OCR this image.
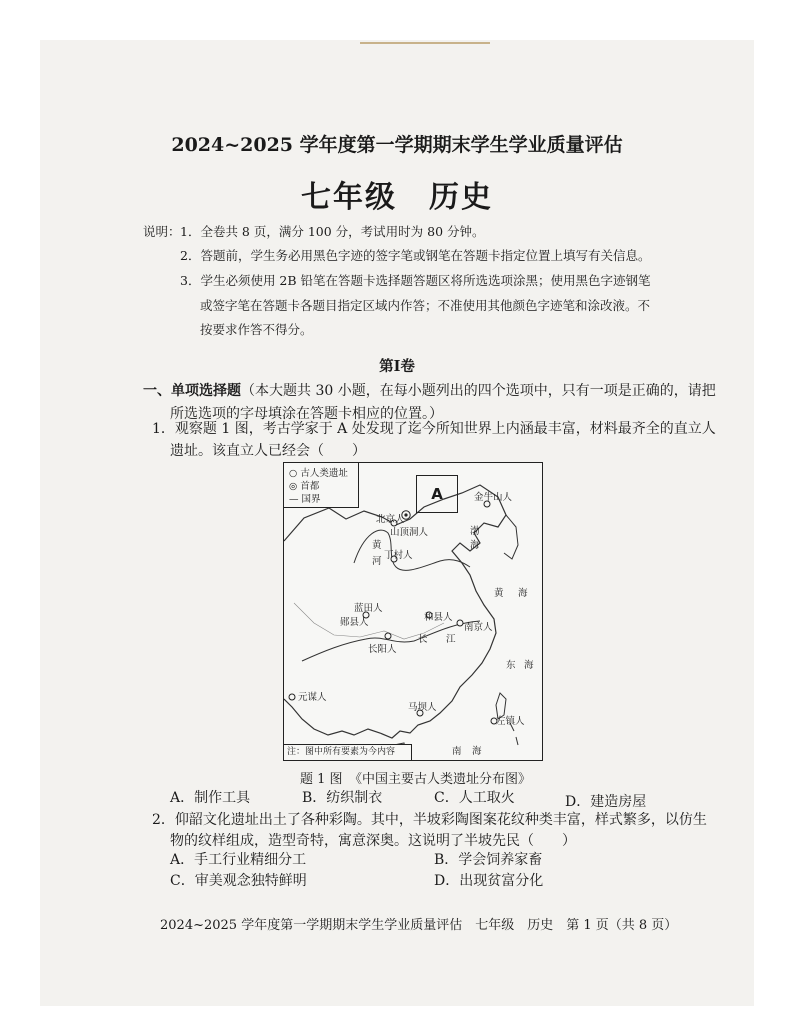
2024~2025 学年度第一学期期末学生学业质量评估
七年级　历史
说明： 1．全卷共 8 页，满分 100 分，考试用时为 80 分钟。
2．答题前，学生务必用黑色字迹的签字笔或钢笔在答题卡指定位置上填写有关信息。
3．学生必须使用 2B 铅笔在答题卡选择题答题区将所选选项涂黑；使用黑色字迹钢笔
或签字笔在答题卡各题目指定区域内作答；不准使用其他颜色字迹笔和涂改液。不
按要求作答不得分。
第Ⅰ卷
一、单项选择题（本大题共 30 小题，在每小题列出的四个选项中，只有一项是正确的，请把
所选选项的字母填涂在答题卡相应的位置。）
1．观察题 1 图，考古学家于 A 处发现了迄今所知世界上内涵最丰富，材料最齐全的直立人
遗址。该直立人已经会（　　）
○ 古人类遗址
◎ 首都
— 国界	A	金牛山人
北京人
山顶洞人
丁村人
蓝田人
郧县人	和县人
南京人
长阳人
元谋人
马坝人
左镇人
黄
河
渤
海
黄 海
长 江
东 海
南 海
注：图中所有要素为今内容
题 1 图　《中国主要古人类遗址分布图》
A．制作工具	B．纺织制衣	C．人工取火	D．建造房屋
2．仰韶文化遗址出土了各种彩陶。其中，半坡彩陶图案花纹种类丰富，样式繁多，以仿生
物的纹样组成，造型奇特，寓意深奥。这说明了半坡先民（　　）
A．手工行业精细分工	B．学会饲养家畜
C．审美观念独特鲜明	D．出现贫富分化
2024~2025 学年度第一学期期末学生学业质量评估　七年级　历史　第 1 页（共 8 页）
